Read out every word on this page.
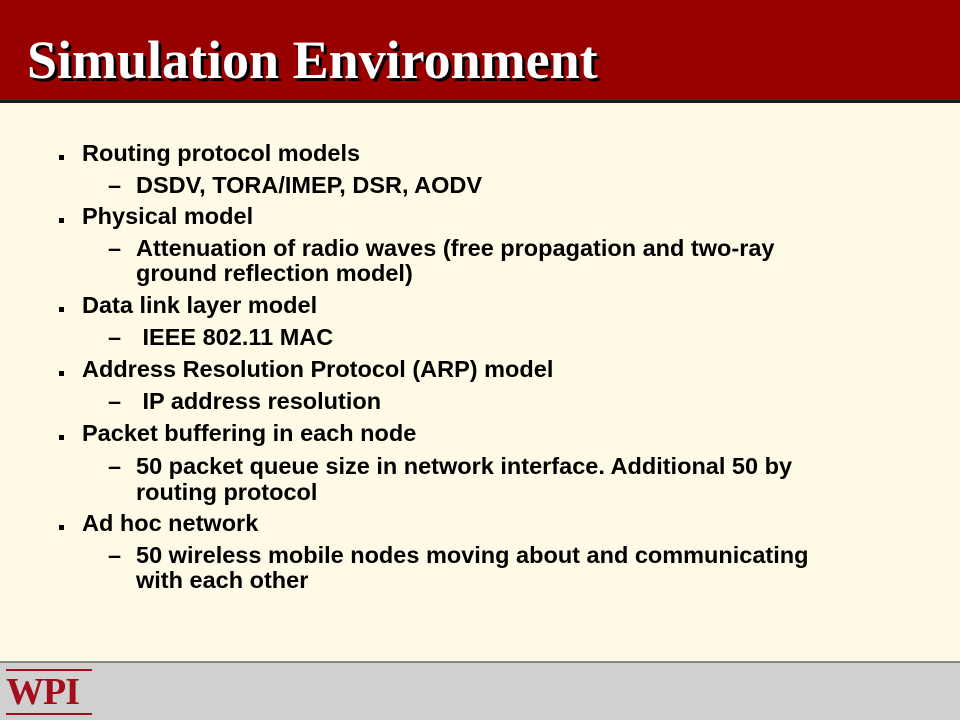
Simulation Environment
Routing protocol models
– DSDV, TORA/IMEP, DSR, AODV
Physical model
– Attenuation of radio waves (free propagation and two-ray
ground reflection model)
Data link layer model
– IEEE 802.11 MAC
Address Resolution Protocol (ARP) model
– IP address resolution
Packet buffering in each node
– 50 packet queue size in network interface. Additional 50 by
routing protocol
Ad hoc network
– 50 wireless mobile nodes moving about and communicating
with each other
WPI
